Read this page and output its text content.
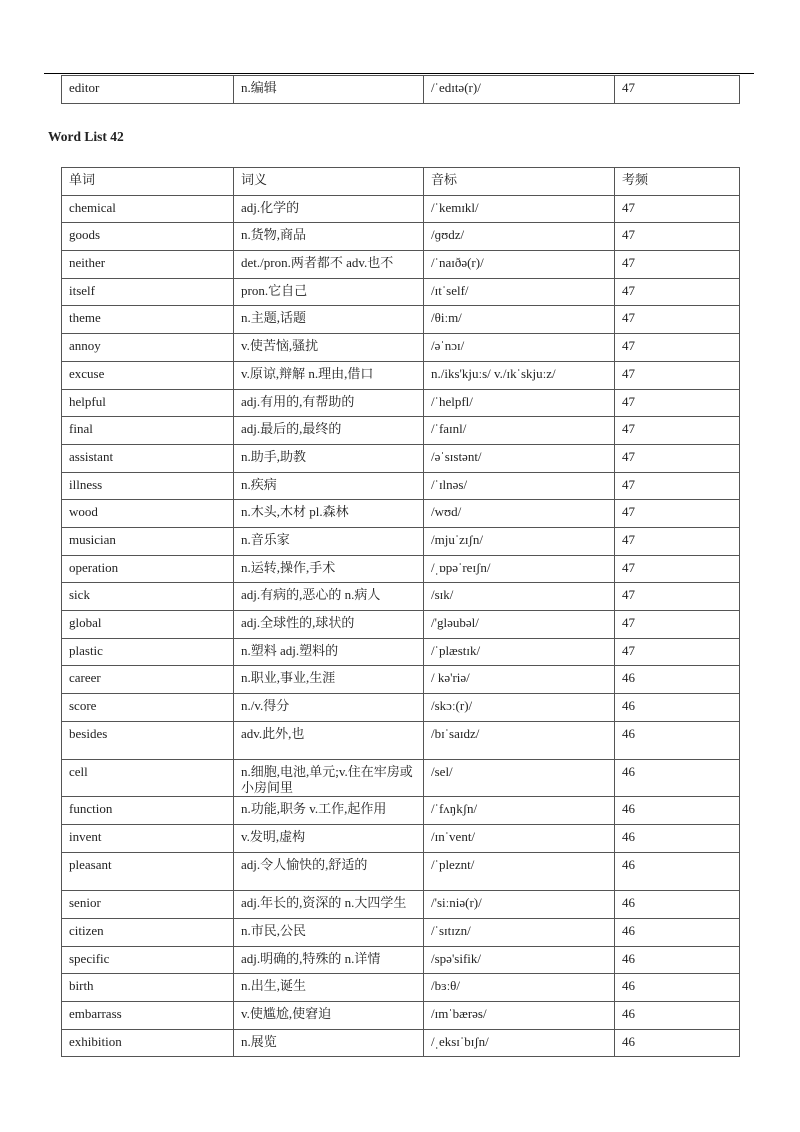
editor	n.编辑	/ˈedɪtə(r)/	47
Word List 42
单词	词义	音标	考频
chemical	adj.化学的	/ˈkemɪkl/	47
goods	n.货物,商品	/ɡʊdz/	47
neither	det./pron.两者都不 adv.也不	/ˈnaɪðə(r)/	47
itself	pron.它自己	/ɪtˈself/	47
theme	n.主题,话题	/θiːm/	47
annoy	v.使苦恼,骚扰	/əˈnɔɪ/	47
excuse	v.原谅,辩解 n.理由,借口	n./iks'kjuːs/ v./ɪkˈskjuːz/	47
helpful	adj.有用的,有帮助的	/ˈhelpfl/	47
final	adj.最后的,最终的	/ˈfaɪnl/	47
assistant	n.助手,助教	/əˈsɪstənt/	47
illness	n.疾病	/ˈɪlnəs/	47
wood	n.木头,木材 pl.森林	/wʊd/	47
musician	n.音乐家	/mjuˈzɪʃn/	47
operation	n.运转,操作,手术	/ˌɒpəˈreɪʃn/	47
sick	adj.有病的,恶心的 n.病人	/sɪk/	47
global	adj.全球性的,球状的	/'gləubəl/	47
plastic	n.塑料 adj.塑料的	/ˈplæstɪk/	47
career	n.职业,事业,生涯	/ kə'riə/	46
score	n./v.得分	/skɔː(r)/	46
besides	adv.此外,也	/bɪˈsaɪdz/	46
cell	n.细胞,电池,单元;v.住在牢房或小房间里	/sel/	46
function	n.功能,职务 v.工作,起作用	/ˈfʌŋkʃn/	46
invent	v.发明,虚构	/ɪnˈvent/	46
pleasant	adj.令人愉快的,舒适的	/ˈpleznt/	46
senior	adj.年长的,资深的 n.大四学生	/'siːniə(r)/	46
citizen	n.市民,公民	/ˈsɪtɪzn/	46
specific	adj.明确的,特殊的 n.详情	/spə'sifik/	46
birth	n.出生,诞生	/bɜːθ/	46
embarrass	v.使尴尬,使窘迫	/ɪmˈbærəs/	46
exhibition	n.展览	/ˌeksɪˈbɪʃn/	46
